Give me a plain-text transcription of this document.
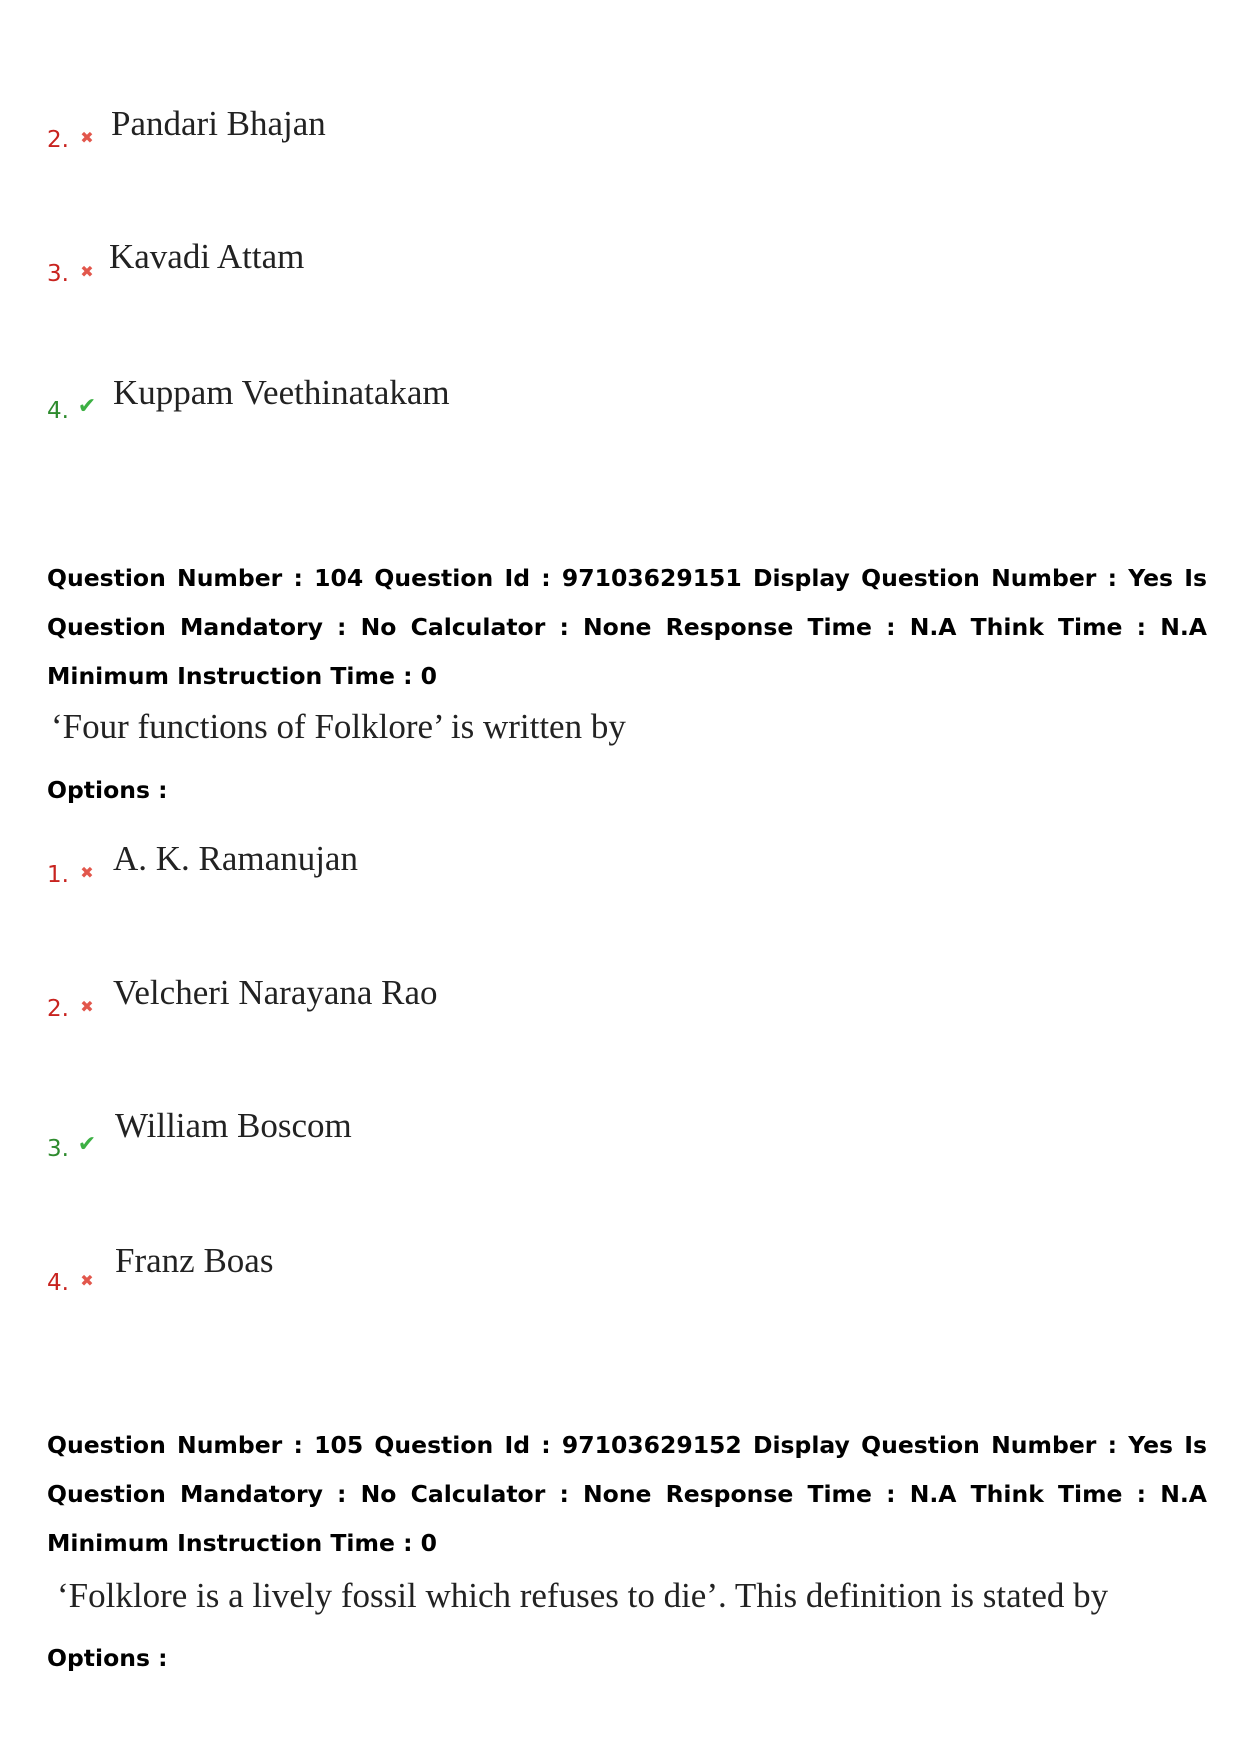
2. ✖ Pandari Bhajan
3. ✖ Kavadi Attam
4. ✔ Kuppam Veethinatakam
Question Number : 104 Question Id : 97103629151 Display Question Number : Yes Is Question Mandatory : No Calculator : None Response Time : N.A Think Time : N.A Minimum Instruction Time : 0
‘Four functions of Folklore’ is written by
Options :
1. ✖ A. K. Ramanujan
2. ✖ Velcheri Narayana Rao
3. ✔ William Boscom
4. ✖
Franz Boas
Question Number : 105 Question Id : 97103629152 Display Question Number : Yes Is Question Mandatory : No Calculator : None Response Time : N.A Think Time : N.A Minimum Instruction Time : 0
‘Folklore is a lively fossil which refuses to die’. This definition is stated by
Options :
